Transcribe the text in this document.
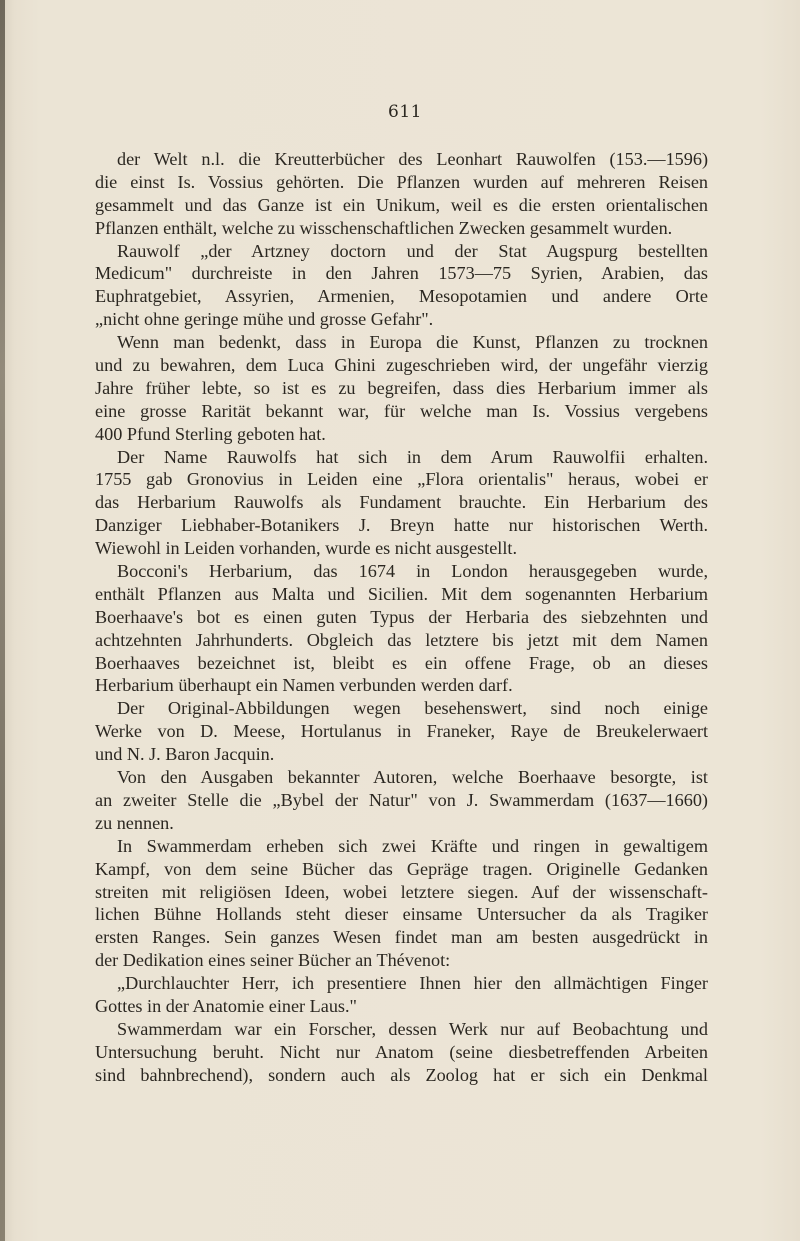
611
der Welt n.l. die Kreutterbücher des Leonhart Rauwolfen (153.—1596)
die einst Is. Vossius gehörten. Die Pflanzen wurden auf mehreren Reisen
gesammelt und das Ganze ist ein Unikum, weil es die ersten orientalischen
Pflanzen enthält, welche zu wisschenschaftlichen Zwecken gesammelt wurden.
Rauwolf „der Artzney doctorn und der Stat Augspurg bestellten
Medicum" durchreiste in den Jahren 1573—75 Syrien, Arabien, das
Euphratgebiet, Assyrien, Armenien, Mesopotamien und andere Orte
„nicht ohne geringe mühe und grosse Gefahr".
Wenn man bedenkt, dass in Europa die Kunst, Pflanzen zu trocknen
und zu bewahren, dem Luca Ghini zugeschrieben wird, der ungefähr vierzig
Jahre früher lebte, so ist es zu begreifen, dass dies Herbarium immer als
eine grosse Rarität bekannt war, für welche man Is. Vossius vergebens
400 Pfund Sterling geboten hat.
Der Name Rauwolfs hat sich in dem Arum Rauwolfii erhalten.
1755 gab Gronovius in Leiden eine „Flora orientalis" heraus, wobei er
das Herbarium Rauwolfs als Fundament brauchte. Ein Herbarium des
Danziger Liebhaber-Botanikers J. Breyn hatte nur historischen Werth.
Wiewohl in Leiden vorhanden, wurde es nicht ausgestellt.
Bocconi's Herbarium, das 1674 in London herausgegeben wurde,
enthält Pflanzen aus Malta und Sicilien. Mit dem sogenannten Herbarium
Boerhaave's bot es einen guten Typus der Herbaria des siebzehnten und
achtzehnten Jahrhunderts. Obgleich das letztere bis jetzt mit dem Namen
Boerhaaves bezeichnet ist, bleibt es ein offene Frage, ob an dieses
Herbarium überhaupt ein Namen verbunden werden darf.
Der Original-Abbildungen wegen besehenswert, sind noch einige
Werke von D. Meese, Hortulanus in Franeker, Raye de Breukelerwaert
und N. J. Baron Jacquin.
Von den Ausgaben bekannter Autoren, welche Boerhaave besorgte, ist
an zweiter Stelle die „Bybel der Natur" von J. Swammerdam (1637—1660)
zu nennen.
In Swammerdam erheben sich zwei Kräfte und ringen in gewaltigem
Kampf, von dem seine Bücher das Gepräge tragen. Originelle Gedanken
streiten mit religiösen Ideen, wobei letztere siegen. Auf der wissenschaft-
lichen Bühne Hollands steht dieser einsame Untersucher da als Tragiker
ersten Ranges. Sein ganzes Wesen findet man am besten ausgedrückt in
der Dedikation eines seiner Bücher an Thévenot:
„Durchlauchter Herr, ich presentiere Ihnen hier den allmächtigen Finger
Gottes in der Anatomie einer Laus."
Swammerdam war ein Forscher, dessen Werk nur auf Beobachtung und
Untersuchung beruht. Nicht nur Anatom (seine diesbetreffenden Arbeiten
sind bahnbrechend), sondern auch als Zoolog hat er sich ein Denkmal
